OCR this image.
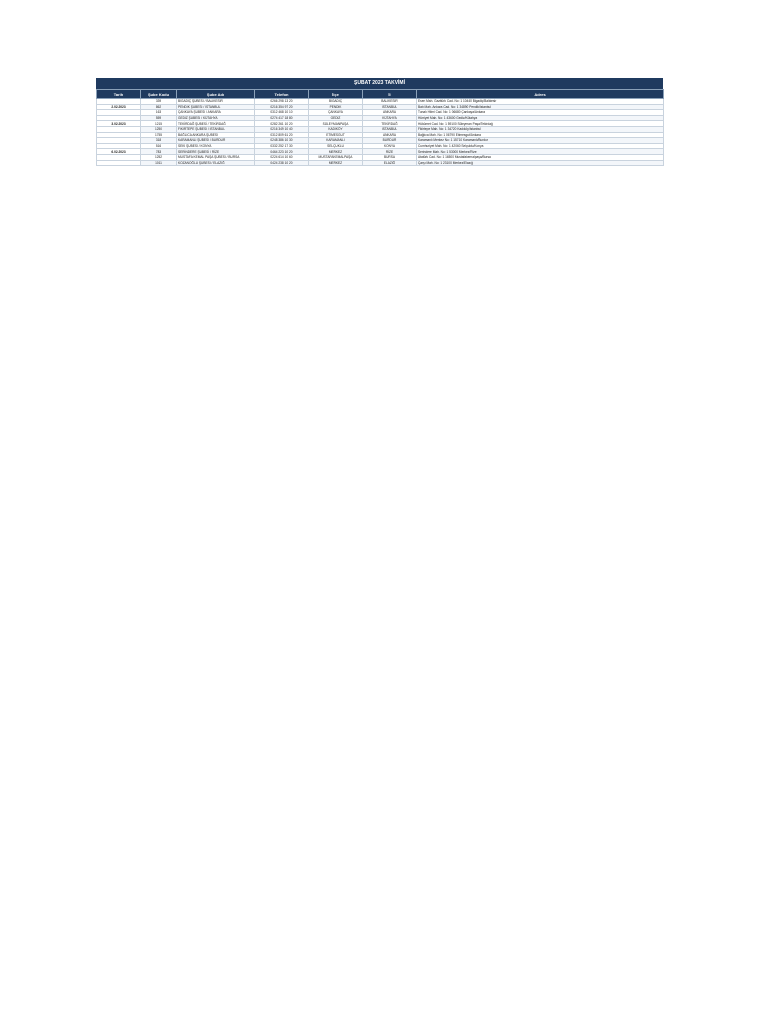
ŞUBAT 2023 TAKVİMİ
Tarih	Şube Kodu	Şube Adı	Telefon	İlçe	İl	Adres
	339	BİGADİÇ ŞUBESİ / BALIKESİR	0266 298 13 20	BİGADİÇ	BALIKESİR	Esen Mah. Gazitürk Cad. No: 1 10440 Bigadiç/Balıkesir
2.02.2023	862	PENDİK ŞUBESİ / İSTANBUL	0216 354 97 20	PENDİK	İSTANBUL	Batı Mah. Ankara Cad. No: 1 34890 Pendik/İstanbul
	163	ÇANKAYA ŞUBESİ / ANKARA	0312 468 10 10	ÇANKAYA	ANKARA	Tunalı Hilmi Cad. No: 1 06680 Çankaya/Ankara
	559	GEDİZ ŞUBESİ / KÜTAHYA	0274 417 18 80	GEDİZ	KÜTAHYA	Hürriyet Mah. No: 1 43600 Gediz/Kütahya
3.02.2023	1215	TEKİRDAĞ ŞUBESİ / TEKİRDAĞ	0282 261 10 20	SÜLEYMANPAŞA	TEKİRDAĞ	Hükümet Cad. No: 1 59100 Süleyman Paşa/Tekirdağ
	1250	FİKİRTEPE ŞUBESİ / İSTANBUL	0216 349 10 40	KADIKÖY	İSTANBUL	Fikirtepe Mah. No: 1 34720 Kadıköy/İstanbul
	1755	BAĞLICA ANKARA ŞUBESİ	0312 809 61 20	ETİMESGUT	ANKARA	Bağlıca Mah. No: 1 06790 Etimesgut/Ankara
	318	KARAMANLI ŞUBESİ / BURDUR	0248 386 10 30	KARAMANLI	BURDUR	Karamanlı Merkez No: 1 15710 Karamanlı/Burdur
	516	SEKİ ŞUBESİ / KONYA	0332 252 17 30	SELÇUKLU	KONYA	Cumhuriyet Mah. No: 1 42060 Selçuklu/Konya
6.02.2023	783	SERİNDERE ŞUBESİ / RİZE	0464 223 10 20	MERKEZ	RİZE	Serindere Mah. No: 1 53000 Merkez/Rize
	1252	MUSTAFA KEMAL PAŞA ŞUBESİ / BURSA	0224 614 10 60	MUSTAFAKEMALPAŞA	BURSA	Atatürk Cad. No: 1 16500 Mustafakemalpaşa/Bursa
	1011	KOZANOĞLU ŞUBESİ / ELAZIĞ	0424 238 10 20	MERKEZ	ELAZIĞ	Çarşı Mah. No: 1 23100 Merkez/Elazığ
